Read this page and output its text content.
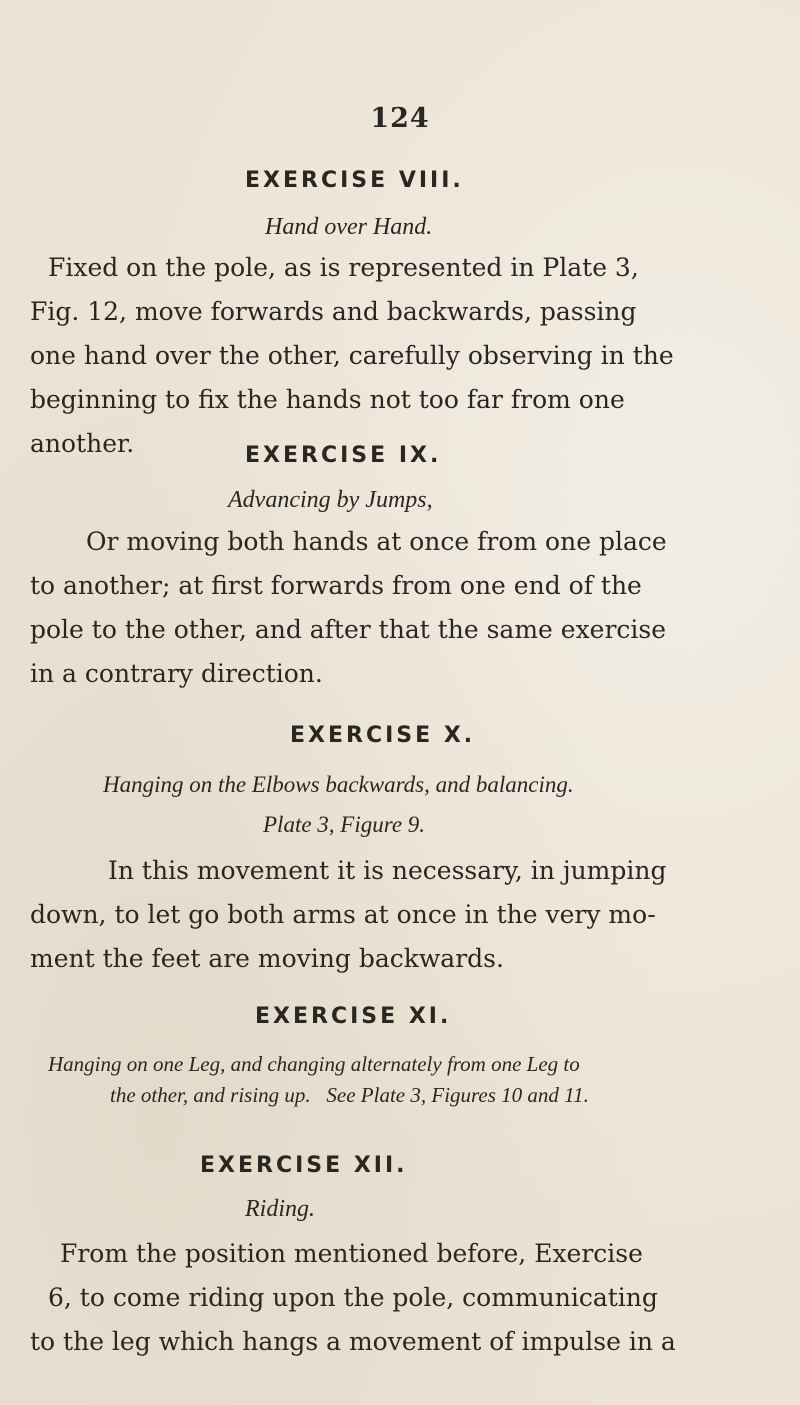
124
EXERCISE VIII.
Hand over Hand.
Fixed on the pole, as is represented in Plate 3,
Fig. 12, move forwards and backwards, passing
one hand over the other, carefully observing in the
beginning to fix the hands not too far from one
another.	EXERCISE IX.
Advancing by Jumps,
Or moving both hands at once from one place
to another; at first forwards from one end of the
pole to the other, and after that the same exercise
in a contrary direction.
EXERCISE X.
Hanging on the Elbows backwards, and balancing.
Plate 3, Figure 9.
In this movement it is necessary, in jumping
down, to let go both arms at once in the very mo-
ment the feet are moving backwards.
EXERCISE XI.
Hanging on one Leg, and changing alternately from one Leg to
the other, and rising up.   See Plate 3, Figures 10 and 11.
EXERCISE XII.
Riding.
From the position mentioned before, Exercise
6, to come riding upon the pole, communicating
to the leg which hangs a movement of impulse in a
